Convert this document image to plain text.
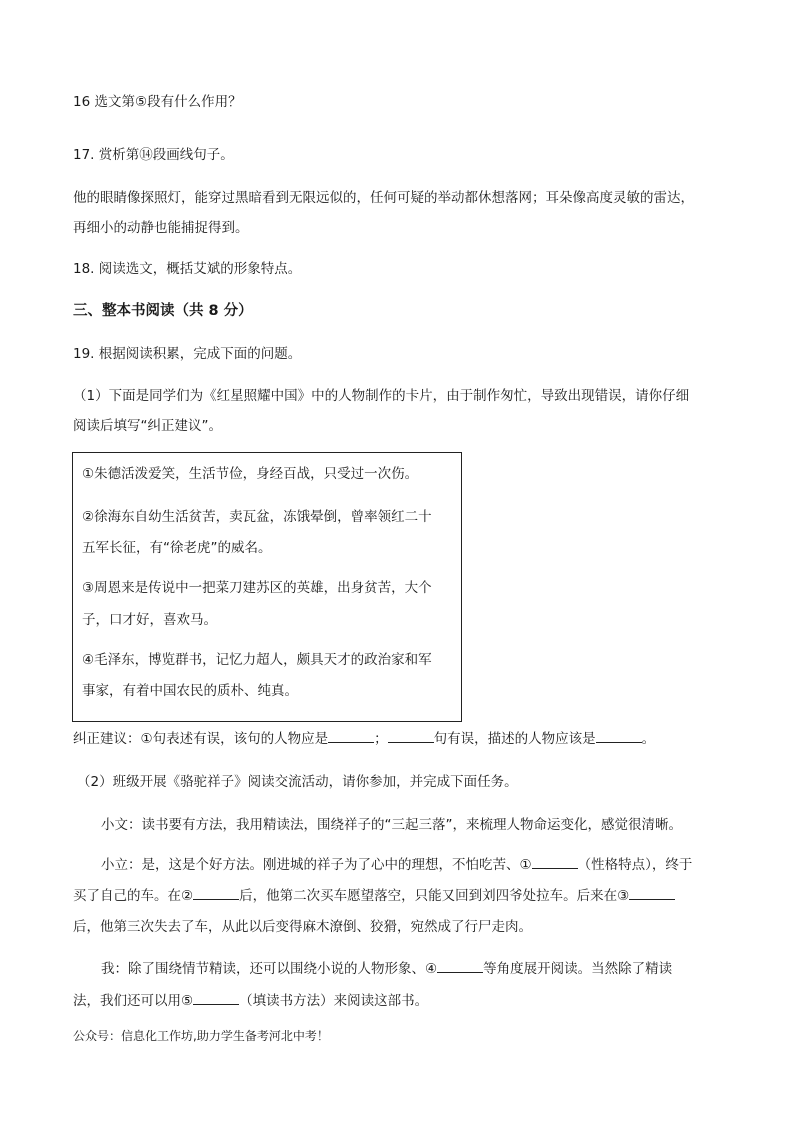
16 选文第⑤段有什么作用？
17. 赏析第⑭段画线句子。
他的眼睛像探照灯，能穿过黑暗看到无限远似的，任何可疑的举动都休想落网；耳朵像高度灵敏的雷达，
再细小的动静也能捕捉得到。
18. 阅读选文，概括艾斌的形象特点。
三、整本书阅读（共 8 分）
19. 根据阅读积累，完成下面的问题。
（1）下面是同学们为《红星照耀中国》中的人物制作的卡片，由于制作匆忙，导致出现错误，请你仔细
阅读后填写“纠正建议”。
①朱德活泼爱笑，生活节俭，身经百战，只受过一次伤。
②徐海东自幼生活贫苦，卖瓦盆，冻饿晕倒，曾率领红二十
五军长征，有“徐老虎”的威名。
③周恩来是传说中一把菜刀建苏区的英雄，出身贫苦，大个
子，口才好，喜欢马。
④毛泽东，博览群书，记忆力超人，颇具天才的政治家和军
事家，有着中国农民的质朴、纯真。
纠正建议：①句表述有误，该句的人物应是	；	句有误，描述的人物应该是	。
（2）班级开展《骆驼祥子》阅读交流活动，请你参加，并完成下面任务。
小文：读书要有方法，我用精读法，围绕祥子的“三起三落”，来梳理人物命运变化，感觉很清晰。
小立：是，这是个好方法。刚进城的祥子为了心中的理想，不怕吃苦、①	（性格特点），终于
买了自己的车。在②	后，他第二次买车愿望落空，只能又回到刘四爷处拉车。后来在③
后，他第三次失去了车，从此以后变得麻木潦倒、狡猾，宛然成了行尸走肉。
我：除了围绕情节精读，还可以围绕小说的人物形象、④	等角度展开阅读。当然除了精读
法，我们还可以用⑤	（填读书方法）来阅读这部书。
公众号：信息化工作坊,助力学生备考河北中考！
